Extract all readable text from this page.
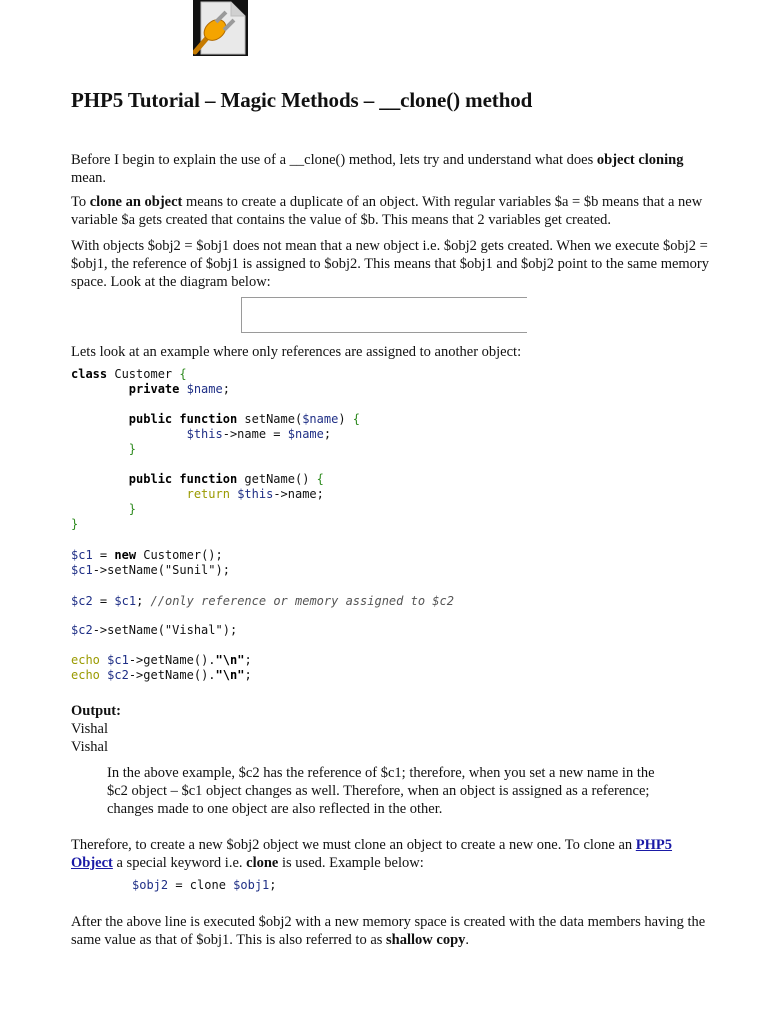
PHP5 Tutorial – Magic Methods – __clone() method

Before I begin to explain the use of a __clone() method, lets try and understand what does object cloning mean.

To clone an object means to create a duplicate of an object. With regular variables $a = $b means that a new variable $a gets created that contains the value of $b. This means that 2 variables get created.

With objects $obj2 = $obj1 does not mean that a new object i.e. $obj2 gets created. When we execute $obj2 = $obj1, the reference of $obj1 is assigned to $obj2. This means that $obj1 and $obj2 point to the same memory space. Look at the diagram below:

Lets look at an example where only references are assigned to another object:

class Customer {
private $name;

public function setName($name) {
$this->name = $name;
}

public function getName() {
return $this->name;
}
}
$c1 = new Customer();
$c1->setName("Sunil");
$c2 = $c1; //only reference or memory assigned to $c2
$c2->setName("Vishal");
echo $c1->getName()."\n";
echo $c2->getName()."\n";
Output:
Vishal
Vishal

In the above example, $c2 has the reference of $c1; therefore, when you set a new name in the $c2 object – $c1 object changes as well. Therefore, when an object is assigned as a reference; changes made to one object are also reflected in the other.

Therefore, to create a new $obj2 object we must clone an object to create a new one. To clone an PHP5 Object a special keyword i.e. clone is used. Example below:

$obj2 = clone $obj1;

After the above line is executed $obj2 with a new memory space is created with the data members having the same value as that of $obj1. This is also referred to as shallow copy.
